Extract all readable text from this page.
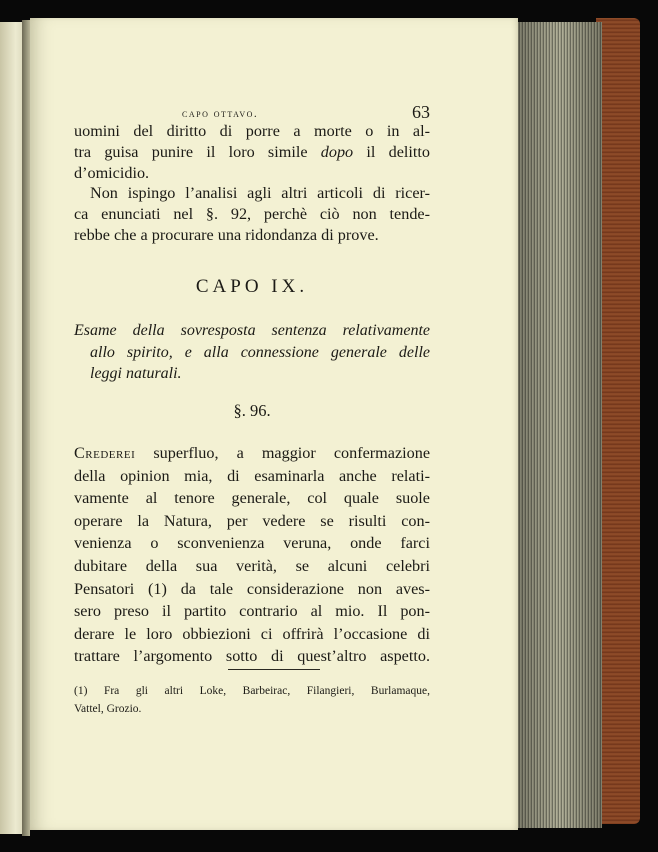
capo ottavo.	63
uomini del diritto di porre a morte o in al-
tra guisa punire il loro simile dopo il delitto
d’omicidio.
Non ispingo l’analisi agli altri articoli di ricer-
ca enunciati nel §. 92, perchè ciò non tende-
rebbe che a procurare una ridondanza di prove.
CAPO IX.
Esame della sovresposta sentenza relativamente
allo spirito, e alla connessione generale delle
leggi naturali.
§. 96.
Crederei superfluo, a maggior confermazione
della opinion mia, di esaminarla anche relati-
vamente al tenore generale, col quale suole
operare la Natura, per vedere se risulti con-
venienza o sconvenienza veruna, onde farci
dubitare della sua verità, se alcuni celebri
Pensatori (1) da tale considerazione non aves-
sero preso il partito contrario al mio. Il pon-
derare le loro obbiezioni ci offrirà l’occasione di
trattare l’argomento sotto di quest’altro aspetto.
(1) Fra gli altri Loke, Barbeirac, Filangieri, Burlamaque,
Vattel, Grozio.
